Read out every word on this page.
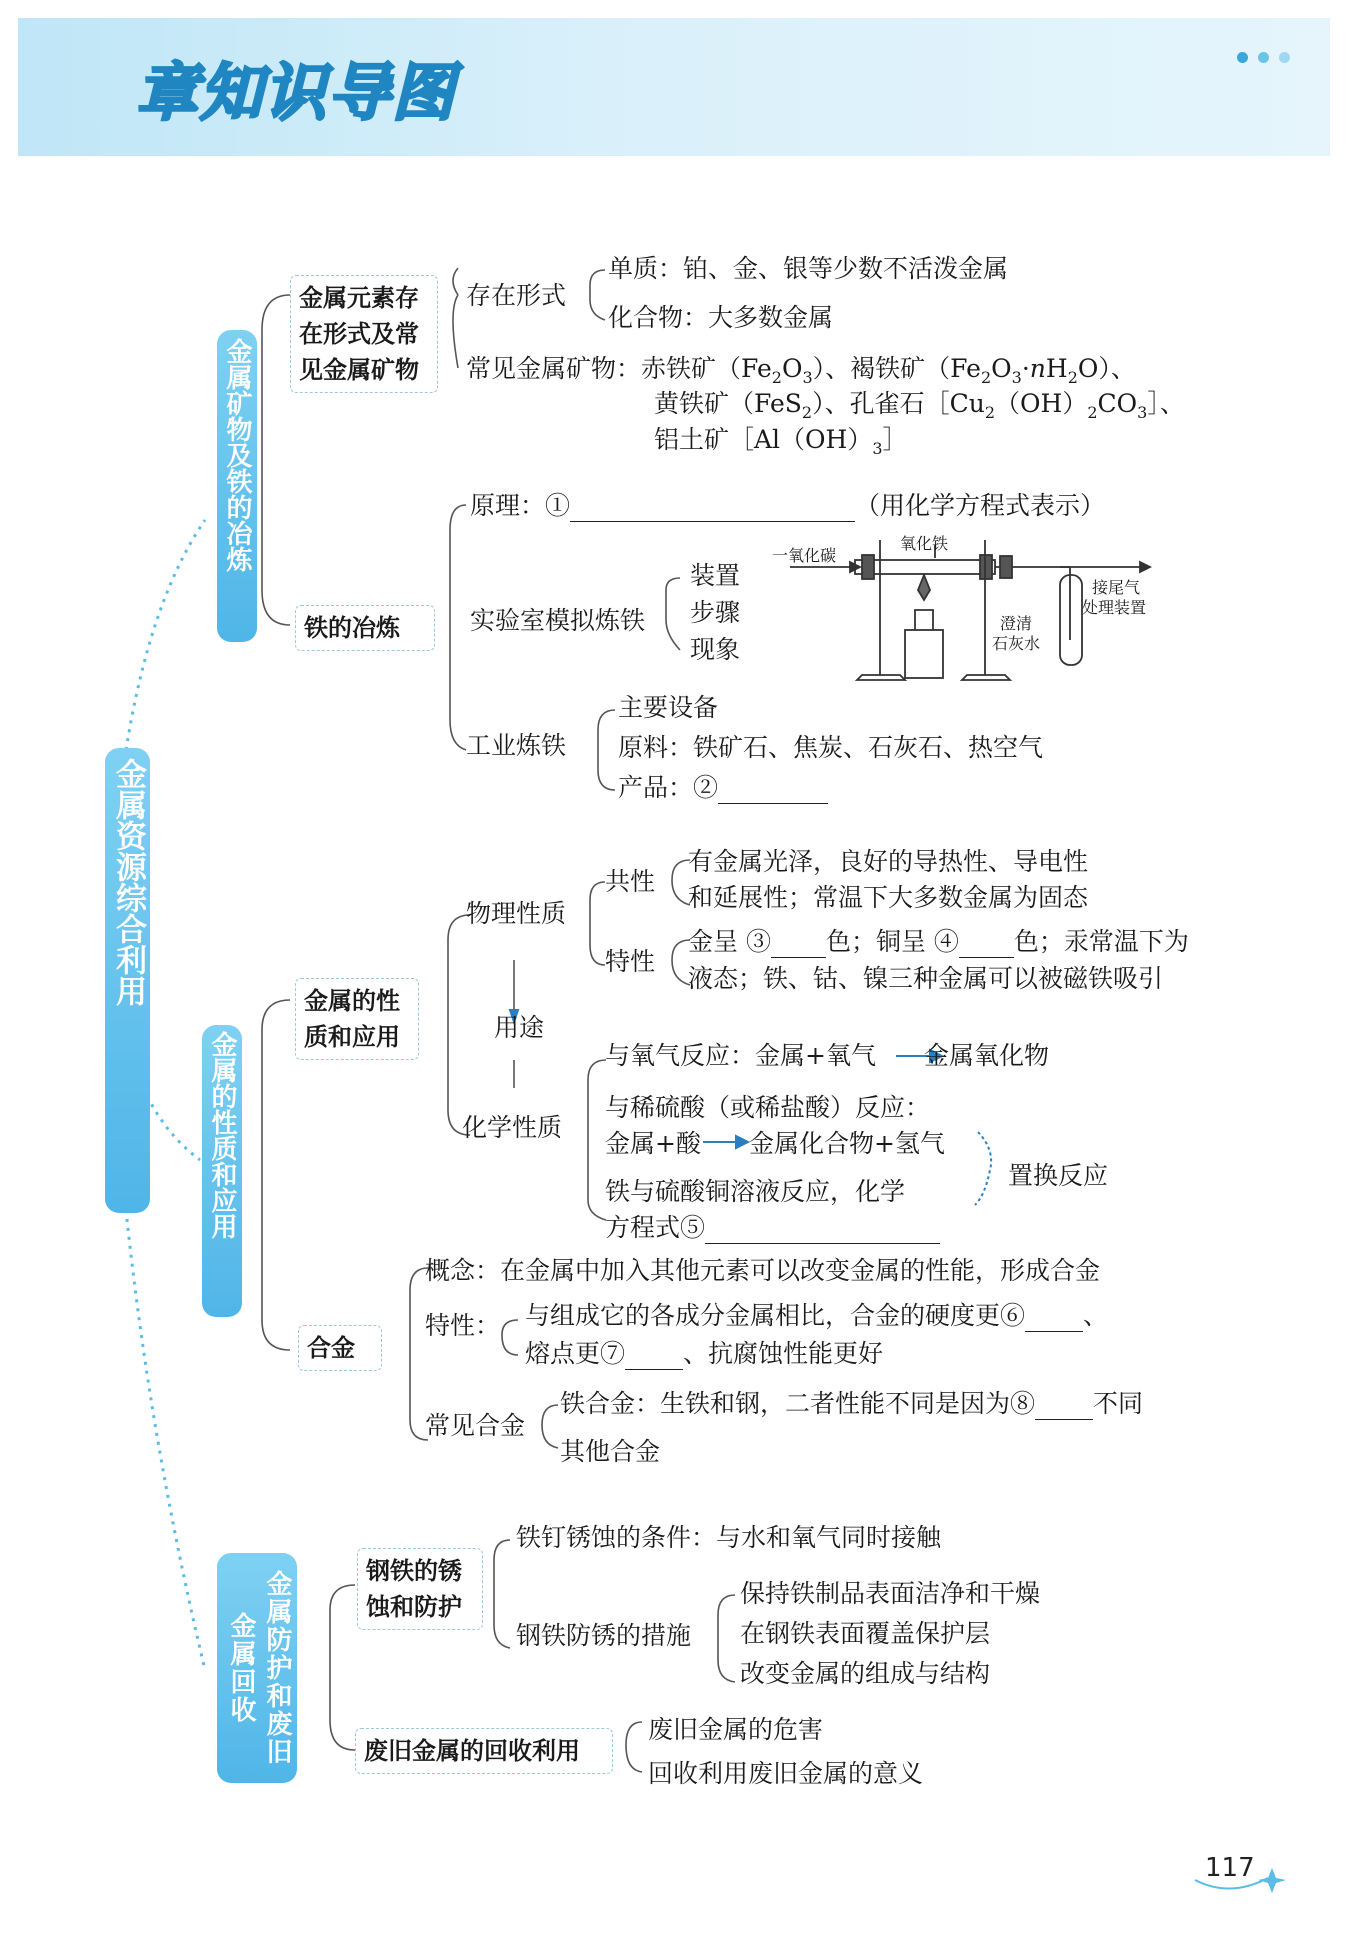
章知识导图
金属资源综合利用
金属矿物及铁的冶炼
金属的性质和应用
金属防护和废旧金属回收
金属元素存
在形式及常
见金属矿物
存在形式
单质：铂、金、银等少数不活泼金属
化合物：大多数金属
常见金属矿物：赤铁矿$(Fe_2O_3)$、褐铁矿$(Fe_2O_3\cdot nH_2O)$、
黄铁矿（FeS$_2$）、孔雀石$[Cu_2(OH)_2CO_3]$、
铝土矿$[Al(OH)_3]$
原理：①	（用化学方程式表示）
铁的冶炼	实验室模拟炼铁
装置
步骤
现象
一氧化碳
氧化铁
接尾气
处理装置
澄清
石灰水
工业炼铁
主要设备
原料：铁矿石、焦炭、石灰石、热空气
产品：②
金属的性
质和应用
物理性质
共性
有金属光泽，良好的导热性、导电性
和延展性；常温下大多数金属为固态
特性
金呈 ③ 色；铜呈 ④ 色；汞常温下为
液态；铁、钴、镍三种金属可以被磁铁吸引
用途
化学性质
与氧气反应：金属+氧气 金属氧化物
与稀硫酸（或稀盐酸）反应：
金属+酸 金属化合物+氢气
铁与硫酸铜溶液反应，化学
方程式⑤
置换反应
合金
概念：在金属中加入其他元素可以改变金属的性能，形成合金
特性： 与组成它的各成分金属相比，合金的硬度更⑥ 、
熔点更⑦ 、抗腐蚀性能更好
常见合金
铁合金：生铁和钢，二者性能不同是因为⑧ 不同
其他合金
钢铁的锈
蚀和防护
铁钉锈蚀的条件：与水和氧气同时接触
钢铁防锈的措施
保持铁制品表面洁净和干燥
在钢铁表面覆盖保护层
改变金属的组成与结构
废旧金属的回收利用
废旧金属的危害
回收利用废旧金属的意义
117
